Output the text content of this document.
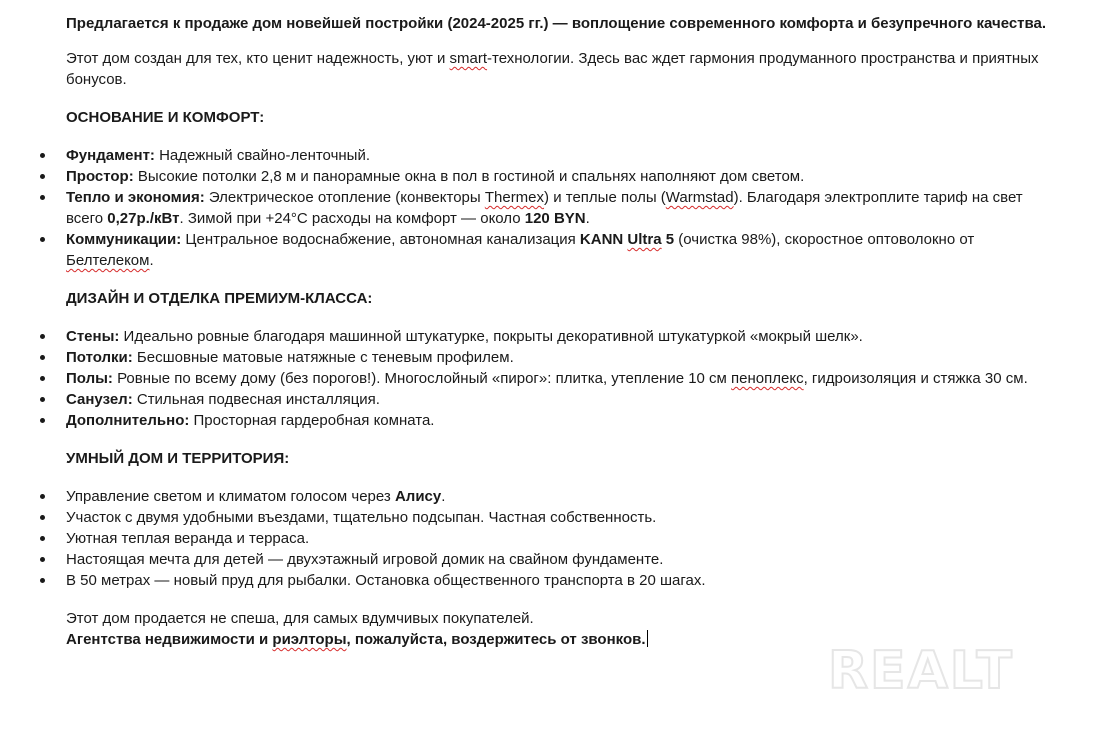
Предлагается к продаже дом новейшей постройки (2024-2025 гг.) — воплощение современного комфорта и безупречного качества.

Этот дом создан для тех, кто ценит надежность, уют и smart-технологии. Здесь вас ждет гармония продуманного пространства и приятных бонусов.

ОСНОВАНИЕ И КОМФОРТ:

Фундамент: Надежный свайно-ленточный.
Простор: Высокие потолки 2,8 м и панорамные окна в пол в гостиной и спальнях наполняют дом светом.
Тепло и экономия: Электрическое отопление (конвекторы Thermex) и теплые полы (Warmstad). Благодаря электроплите тариф на свет всего 0,27р./кВт. Зимой при +24°C расходы на комфорт — около 120 BYN.
Коммуникации: Центральное водоснабжение, автономная канализация KANN Ultra 5 (очистка 98%), скоростное оптоволокно от Белтелеком.

ДИЗАЙН И ОТДЕЛКА ПРЕМИУМ-КЛАССА:

Стены: Идеально ровные благодаря машинной штукатурке, покрыты декоративной штукатуркой «мокрый шелк».
Потолки: Бесшовные матовые натяжные с теневым профилем.
Полы: Ровные по всему дому (без порогов!). Многослойный «пирог»: плитка, утепление 10 см пеноплекс, гидроизоляция и стяжка 30 см.
Санузел: Стильная подвесная инсталляция.
Дополнительно: Просторная гардеробная комната.

УМНЫЙ ДОМ И ТЕРРИТОРИЯ:

Управление светом и климатом голосом через Алису.
Участок с двумя удобными въездами, тщательно подсыпан. Частная собственность.
Уютная теплая веранда и терраса.
Настоящая мечта для детей — двухэтажный игровой домик на свайном фундаменте.
В 50 метрах — новый пруд для рыбалки. Остановка общественного транспорта в 20 шагах.

Этот дом продается не спеша, для самых вдумчивых покупателей.

Агентства недвижимости и риэлторы, пожалуйста, воздержитесь от звонков.

REALT
